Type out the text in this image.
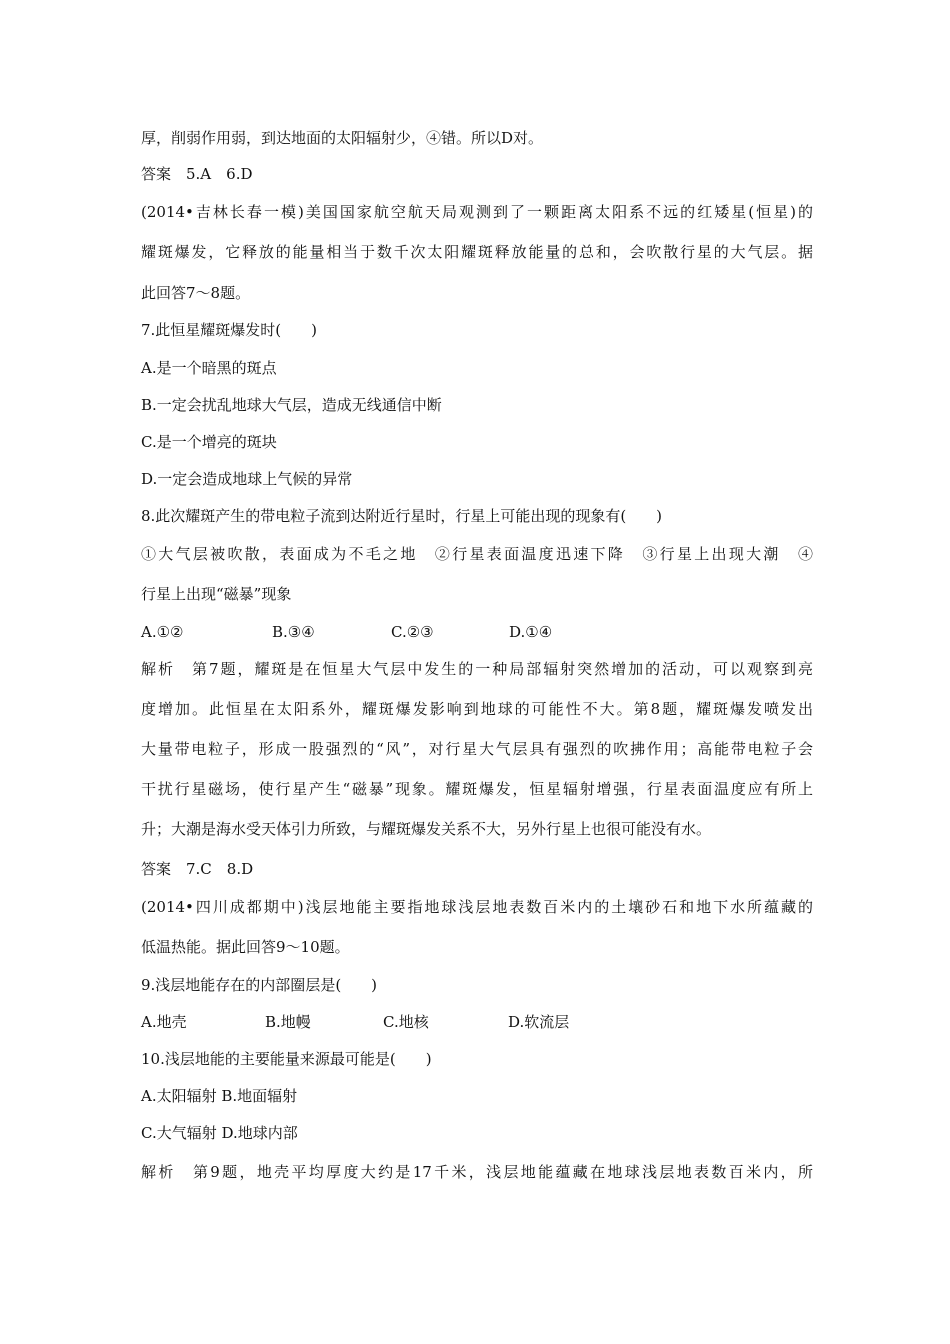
厚，削弱作用弱，到达地面的太阳辐射少，④错。所以D对。
答案　5.A　6.D
(2014•吉林长春一模)美国国家航空航天局观测到了一颗距离太阳系不远的红矮星(恒星)的
耀斑爆发，它释放的能量相当于数千次太阳耀斑释放能量的总和，会吹散行星的大气层。据
此回答7～8题。
7.此恒星耀斑爆发时(　　)
A.是一个暗黑的斑点
B.一定会扰乱地球大气层，造成无线通信中断
C.是一个增亮的斑块
D.一定会造成地球上气候的异常
8.此次耀斑产生的带电粒子流到达附近行星时，行星上可能出现的现象有(　　)
①大气层被吹散，表面成为不毛之地　②行星表面温度迅速下降　③行星上出现大潮　④
行星上出现“磁暴”现象
A.①②	B.③④	C.②③	D.①④
解析　第7题，耀斑是在恒星大气层中发生的一种局部辐射突然增加的活动，可以观察到亮
度增加。此恒星在太阳系外，耀斑爆发影响到地球的可能性不大。第8题，耀斑爆发喷发出
大量带电粒子，形成一股强烈的“风”，对行星大气层具有强烈的吹拂作用；高能带电粒子会
干扰行星磁场，使行星产生“磁暴”现象。耀斑爆发，恒星辐射增强，行星表面温度应有所上
升；大潮是海水受天体引力所致，与耀斑爆发关系不大，另外行星上也很可能没有水。
答案　7.C　8.D
(2014•四川成都期中)浅层地能主要指地球浅层地表数百米内的土壤砂石和地下水所蕴藏的
低温热能。据此回答9～10题。
9.浅层地能存在的内部圈层是(　　)
A.地壳	B.地幔	C.地核	D.软流层
10.浅层地能的主要能量来源最可能是(　　)
A.太阳辐射 B.地面辐射
C.大气辐射 D.地球内部
解析　第9题，地壳平均厚度大约是17千米，浅层地能蕴藏在地球浅层地表数百米内，所
